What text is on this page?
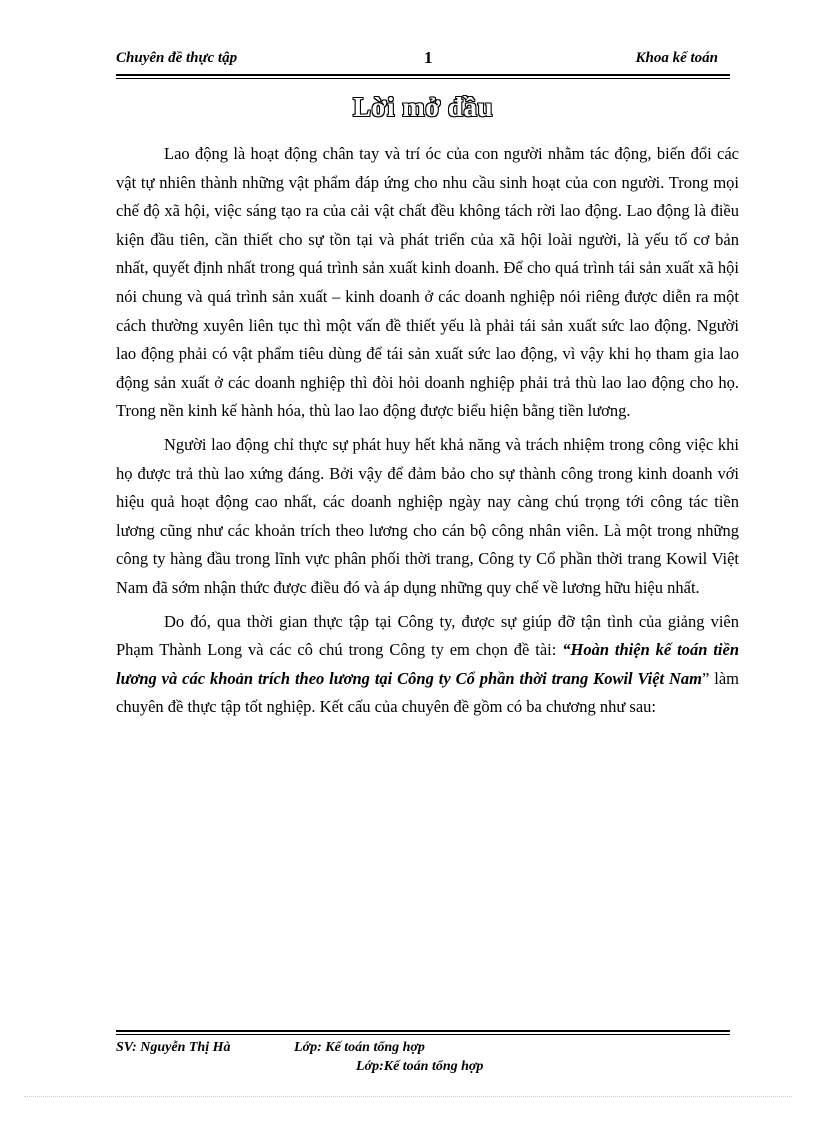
Chuyên đề thực tập	1	Khoa kế toán
Lời mở đầu

Lao động là hoạt động chân tay và trí óc của con người nhằm tác động, biến đổi các vật tự nhiên thành những vật phẩm đáp ứng cho nhu cầu sinh hoạt của con người. Trong mọi chế độ xã hội, việc sáng tạo ra của cải vật chất đều không tách rời lao động. Lao động là điều kiện đầu tiên, cần thiết cho sự tồn tại và phát triển của xã hội loài người, là yếu tố cơ bản nhất, quyết định nhất trong quá trình sản xuất kinh doanh. Để cho quá trình tái sản xuất xã hội nói chung và quá trình sản xuất – kinh doanh ở các doanh nghiệp nói riêng được diễn ra một cách thường xuyên liên tục thì một vấn đề thiết yếu là phải tái sản xuất sức lao động. Người lao động phải có vật phẩm tiêu dùng để tái sản xuất sức lao động, vì vậy khi họ tham gia lao động sản xuất ở các doanh nghiệp thì đòi hỏi doanh nghiệp phải trả thù lao lao động cho họ. Trong nền kinh kế hành hóa, thù lao lao động được biểu hiện bằng tiền lương.

Người lao động chỉ thực sự phát huy hết khả năng và trách nhiệm trong công việc khi họ được trả thù lao xứng đáng. Bởi vậy để đảm bảo cho sự thành công trong kinh doanh với hiệu quả hoạt động cao nhất, các doanh nghiệp ngày nay càng chú trọng tới công tác tiền lương cũng như các khoản trích theo lương cho cán bộ công nhân viên. Là một trong những công ty hàng đầu trong lĩnh vực phân phối thời trang, Công ty Cổ phần thời trang Kowil Việt Nam đã sớm nhận thức được điều đó và áp dụng những quy chế về lương hữu hiệu nhất.

Do đó, qua thời gian thực tập tại Công ty, được sự giúp đỡ tận tình của giảng viên Phạm Thành Long và các cô chú trong Công ty em chọn đề tài: “Hoàn thiện kế toán tiền lương và các khoản trích theo lương tại Công ty Cổ phần thời trang Kowil Việt Nam” làm chuyên đề thực tập tốt nghiệp. Kết cấu của chuyên đề gồm có ba chương như sau:

SV: Nguyễn Thị Hà	Lớp: Kế toán tổng hợp
Lớp:Kế toán tổng hợp
